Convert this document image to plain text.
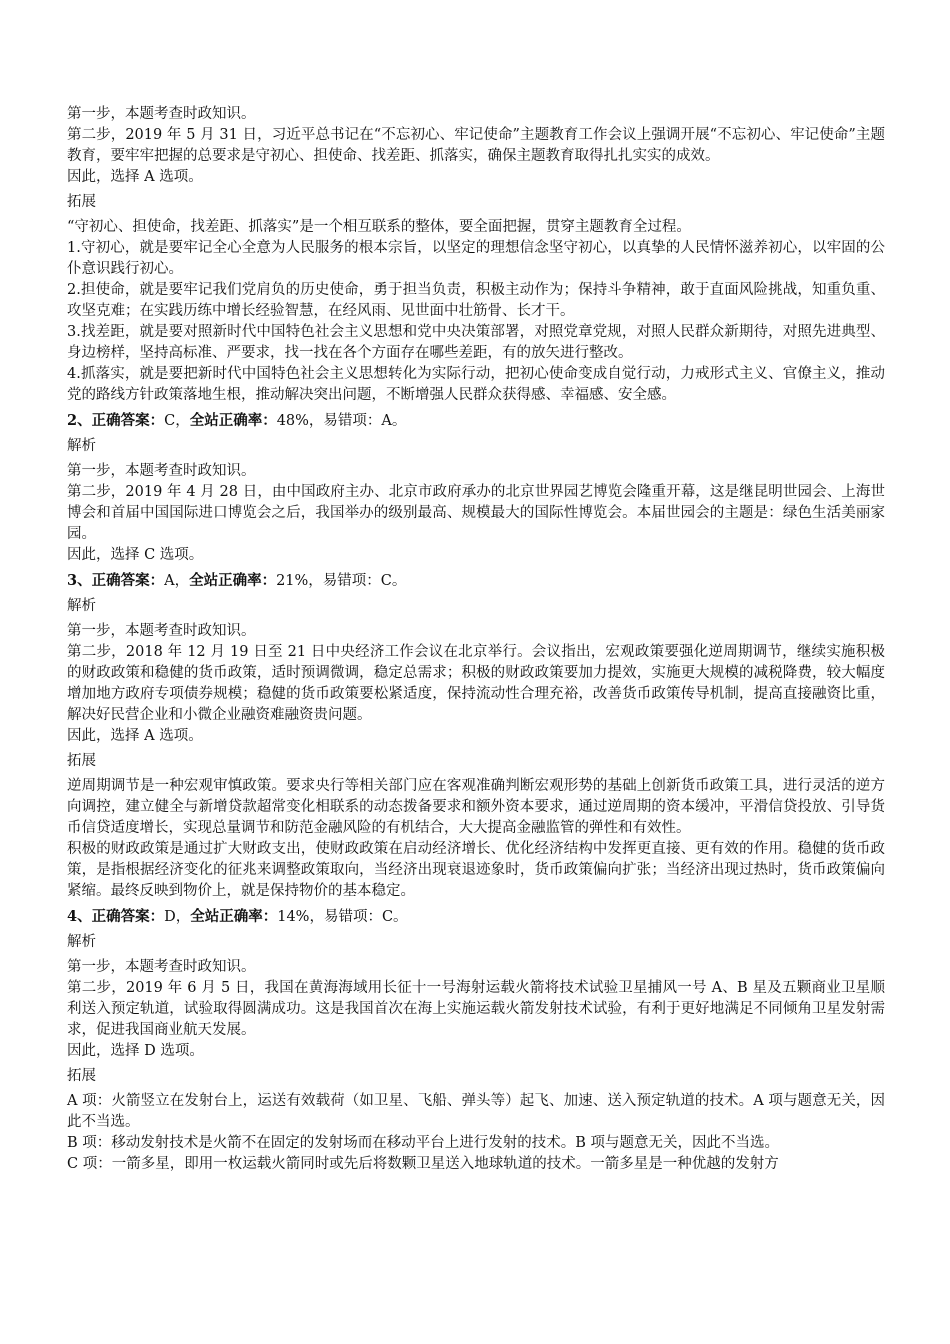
第一步，本题考查时政知识。

第二步，2019 年 5 月 31 日，习近平总书记在“不忘初心、牢记使命”主题教育工作会议上强调开展“不忘初心、牢记使命”主题教育，要牢牢把握的总要求是守初心、担使命、找差距、抓落实，确保主题教育取得扎扎实实的成效。

因此，选择 A 选项。

拓展

“守初心、担使命，找差距、抓落实”是一个相互联系的整体，要全面把握，贯穿主题教育全过程。

1.守初心，就是要牢记全心全意为人民服务的根本宗旨，以坚定的理想信念坚守初心，以真挚的人民情怀滋养初心，以牢固的公仆意识践行初心。

2.担使命，就是要牢记我们党肩负的历史使命，勇于担当负责，积极主动作为；保持斗争精神，敢于直面风险挑战，知重负重、攻坚克难；在实践历练中增长经验智慧，在经风雨、见世面中壮筋骨、长才干。

3.找差距，就是要对照新时代中国特色社会主义思想和党中央决策部署，对照党章党规，对照人民群众新期待，对照先进典型、身边榜样，坚持高标准、严要求，找一找在各个方面存在哪些差距，有的放矢进行整改。

4.抓落实，就是要把新时代中国特色社会主义思想转化为实际行动，把初心使命变成自觉行动，力戒形式主义、官僚主义，推动党的路线方针政策落地生根，推动解决突出问题，不断增强人民群众获得感、幸福感、安全感。

2、正确答案：C，全站正确率：48%，易错项：A。

解析

第一步，本题考查时政知识。

第二步，2019 年 4 月 28 日，由中国政府主办、北京市政府承办的北京世界园艺博览会隆重开幕，这是继昆明世园会、上海世博会和首届中国国际进口博览会之后，我国举办的级别最高、规模最大的国际性博览会。本届世园会的主题是：绿色生活美丽家园。

因此，选择 C 选项。

3、正确答案：A，全站正确率：21%，易错项：C。

解析

第一步，本题考查时政知识。

第二步，2018 年 12 月 19 日至 21 日中央经济工作会议在北京举行。会议指出，宏观政策要强化逆周期调节，继续实施积极的财政政策和稳健的货币政策，适时预调微调，稳定总需求；积极的财政政策要加力提效，实施更大规模的减税降费，较大幅度增加地方政府专项债券规模；稳健的货币政策要松紧适度，保持流动性合理充裕，改善货币政策传导机制，提高直接融资比重，解决好民营企业和小微企业融资难融资贵问题。

因此，选择 A 选项。

拓展

逆周期调节是一种宏观审慎政策。要求央行等相关部门应在客观准确判断宏观形势的基础上创新货币政策工具，进行灵活的逆方向调控，建立健全与新增贷款超常变化相联系的动态拨备要求和额外资本要求，通过逆周期的资本缓冲，平滑信贷投放、引导货币信贷适度增长，实现总量调节和防范金融风险的有机结合，大大提高金融监管的弹性和有效性。

积极的财政政策是通过扩大财政支出，使财政政策在启动经济增长、优化经济结构中发挥更直接、更有效的作用。稳健的货币政策，是指根据经济变化的征兆来调整政策取向，当经济出现衰退迹象时，货币政策偏向扩张；当经济出现过热时，货币政策偏向紧缩。最终反映到物价上，就是保持物价的基本稳定。

4、正确答案：D，全站正确率：14%，易错项：C。

解析

第一步，本题考查时政知识。

第二步，2019 年 6 月 5 日，我国在黄海海域用长征十一号海射运载火箭将技术试验卫星捕风一号 A、B 星及五颗商业卫星顺利送入预定轨道，试验取得圆满成功。这是我国首次在海上实施运载火箭发射技术试验，有利于更好地满足不同倾角卫星发射需求，促进我国商业航天发展。

因此，选择 D 选项。

拓展

A 项：火箭竖立在发射台上，运送有效载荷（如卫星、飞船、弹头等）起飞、加速、送入预定轨道的技术。A 项与题意无关，因此不当选。

B 项：移动发射技术是火箭不在固定的发射场而在移动平台上进行发射的技术。B 项与题意无关，因此不当选。

C 项：一箭多星，即用一枚运载火箭同时或先后将数颗卫星送入地球轨道的技术。一箭多星是一种优越的发射方
